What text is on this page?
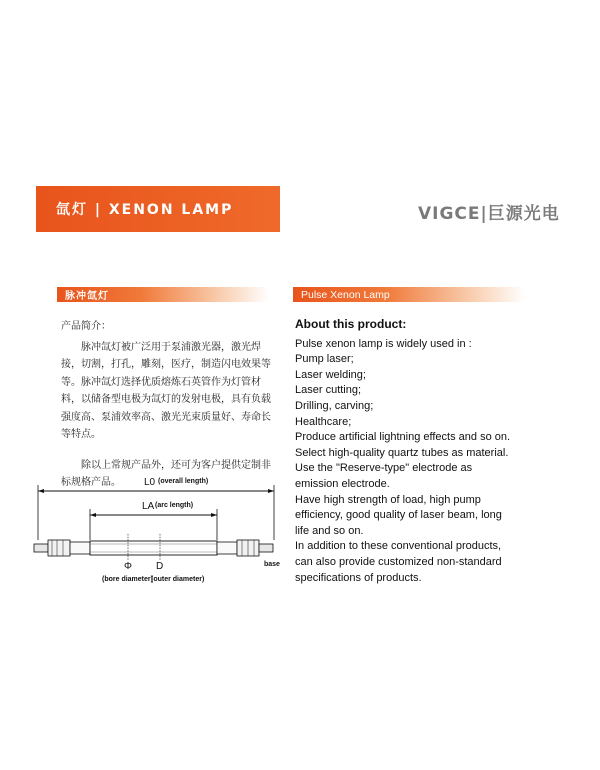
氙灯 | XENON LAMP	VIGCE|巨源光电
脉冲氙灯	Pulse Xenon Lamp
产品简介：

脉冲氙灯被广泛用于泵浦激光器，激光焊接，切割，打孔，雕刻，医疗，制造闪电效果等等。脉冲氙灯选择优质熔炼石英管作为灯管材料，以储备型电极为氙灯的发射电极，具有负载强度高、泵浦效率高、激光光束质量好、寿命长等特点。

除以上常规产品外，还可为客户提供定制非标规格产品。

About this product:
Pulse xenon lamp is widely used in :
Pump laser;
Laser welding;
Laser cutting;
Drilling, carving;
Healthcare;
Produce artificial lightning effects and so on.
Select high-quality quartz tubes as material.
Use the "Reserve-type" electrode as
emission electrode.
Have high strength of load, high pump
efficiency, good quality of laser beam, long
life and so on.
In addition to these conventional products,
can also provide customized non-standard
specifications of products.
L0 (overall length)
LA (arc length)
Φ D
(bore diameter)
(outer diameter)
base
